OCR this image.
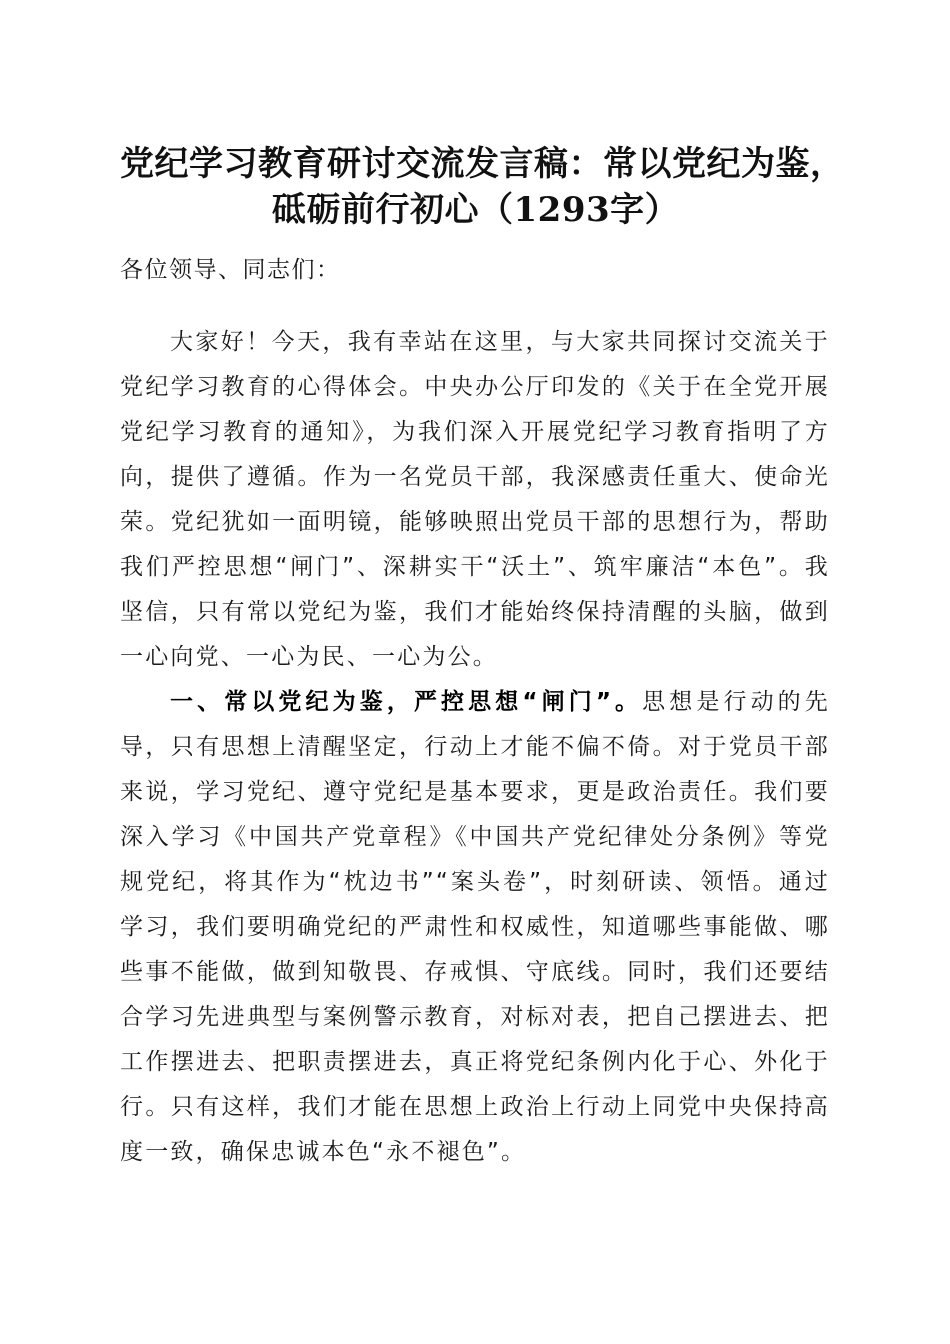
党纪学习教育研讨交流发言稿：常以党纪为鉴，
砥砺前行初心（1293字）
各位领导、同志们：

大家好！今天，我有幸站在这里，与大家共同探讨交流关于党纪学习教育的心得体会。中央办公厅印发的《关于在全党开展党纪学习教育的通知》，为我们深入开展党纪学习教育指明了方向，提供了遵循。作为一名党员干部，我深感责任重大、使命光荣。党纪犹如一面明镜，能够映照出党员干部的思想行为，帮助我们严控思想“闸门”、深耕实干“沃土”、筑牢廉洁“本色”。我坚信，只有常以党纪为鉴，我们才能始终保持清醒的头脑，做到一心向党、一心为民、一心为公。

一、常以党纪为鉴，严控思想“闸门”。思想是行动的先导，只有思想上清醒坚定，行动上才能不偏不倚。对于党员干部来说，学习党纪、遵守党纪是基本要求，更是政治责任。我们要深入学习《中国共产党章程》《中国共产党纪律处分条例》等党规党纪，将其作为“枕边书”“案头卷”，时刻研读、领悟。通过学习，我们要明确党纪的严肃性和权威性，知道哪些事能做、哪些事不能做，做到知敬畏、存戒惧、守底线。同时，我们还要结合学习先进典型与案例警示教育，对标对表，把自己摆进去、把工作摆进去、把职责摆进去，真正将党纪条例内化于心、外化于行。只有这样，我们才能在思想上政治上行动上同党中央保持高度一致，确保忠诚本色“永不褪色”。
